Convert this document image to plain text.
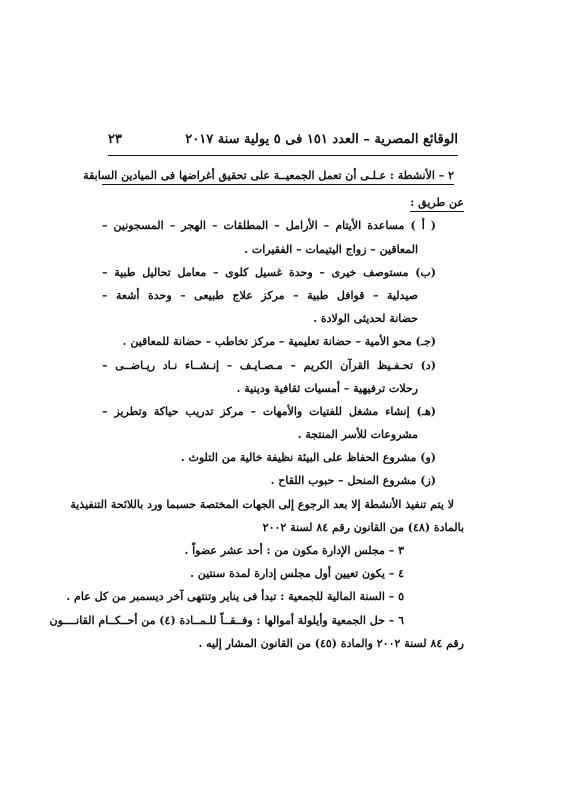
الوقائع المصرية – العدد ١٥١ فى ٥ يولية سنة ٢٠١٧
٢٣
٢ – الأنشطة : عـلـى أن تعمل الجمعيــة على تحقيق أغراضها فى الميادين السابقة
عن طريق :
( أ ) مساعدة الأيتام – الأرامل – المطلقات – الهجر – المسجونين –
المعاقين – زواج اليتيمات – الفقيرات .
(ب) مستوصف خيرى – وحدة غسيل كلوى – معامل تحاليل طبية –
صيدلية – قوافل طبية – مركز علاج طبيعى – وحدة أشعة –
حضانة لحديثى الولادة .
(جـ) محو الأمية – حضانة تعليمية – مركز تخاطب – حضانة للمعاقين .
(د) تحـفـيظ القرآن الكريم – مـصـايـف – إنـشــاء نـاد ريـاضــى –
رحلات ترفيهية – أمسيات ثقافية ودينية .
(هـ) إنشاء مشغل للفتيات والأمهات – مركز تدريب حياكة وتطريز –
مشروعات للأسر المنتجة .
(و) مشروع الحفاظ على البيئة نظيفة خالية من التلوث .
(ز) مشروع المنحل – حبوب اللقاح .
لا يتم تنفيذ الأنشطة إلا بعد الرجوع إلى الجهات المختصة حسبما ورد باللائحة التنفيذية
بالمادة (٤٨) من القانون رقم ٨٤ لسنة ٢٠٠٢
٣ – مجلس الإدارة مكون من : أحد عشر عضواً .
٤ – يكون تعيين أول مجلس إدارة لمدة سنتين .
٥ – السنة المالية للجمعية : تبدأ فى يناير وتنتهى آخر ديسمبر من كل عام .
٦ – حل الجمعية وأيلولة أموالها : وفــقــاً للـمــادة (٤) من أحــكــام القانــــون
رقم ٨٤ لسنة ٢٠٠٢ والمادة (٤٥) من القانون المشار إليه .
